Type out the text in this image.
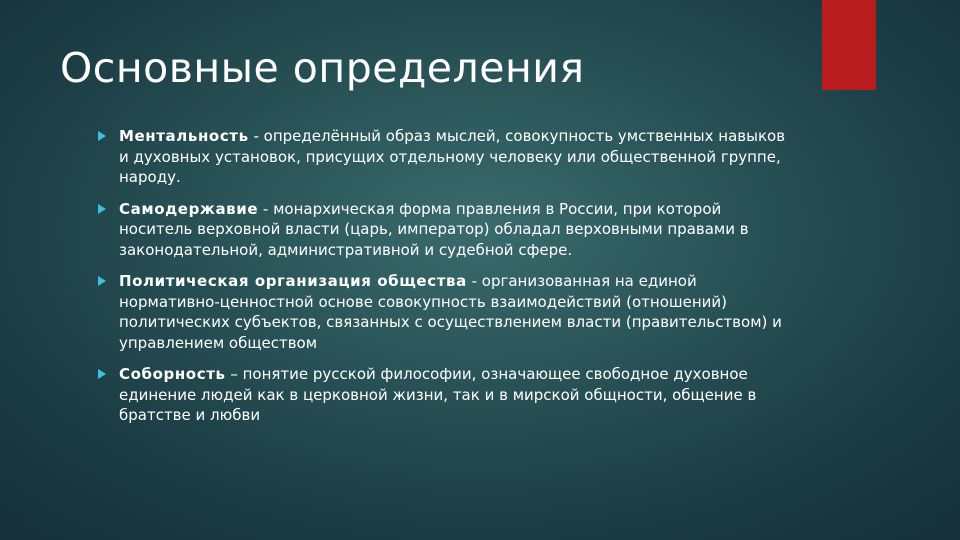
Основные определения
Ментальность - определённый образ мыслей, совокупность умственных навыков и духовных установок, присущих отдельному человеку или общественной группе, народу.
Самодержавие - монархическая форма правления в России, при которой носитель верховной власти (царь, император) обладал верховными правами в законодательной, административной и судебной сфере.
Политическая организация общества - организованная на единой нормативно-ценностной основе совокупность взаимодействий (отношений) политических субъектов, связанных с осуществлением власти (правительством) и управлением обществом
Соборность – понятие русской философии, означающее свободное духовное единение людей как в церковной жизни, так и в мирской общности, общение в братстве и любви
